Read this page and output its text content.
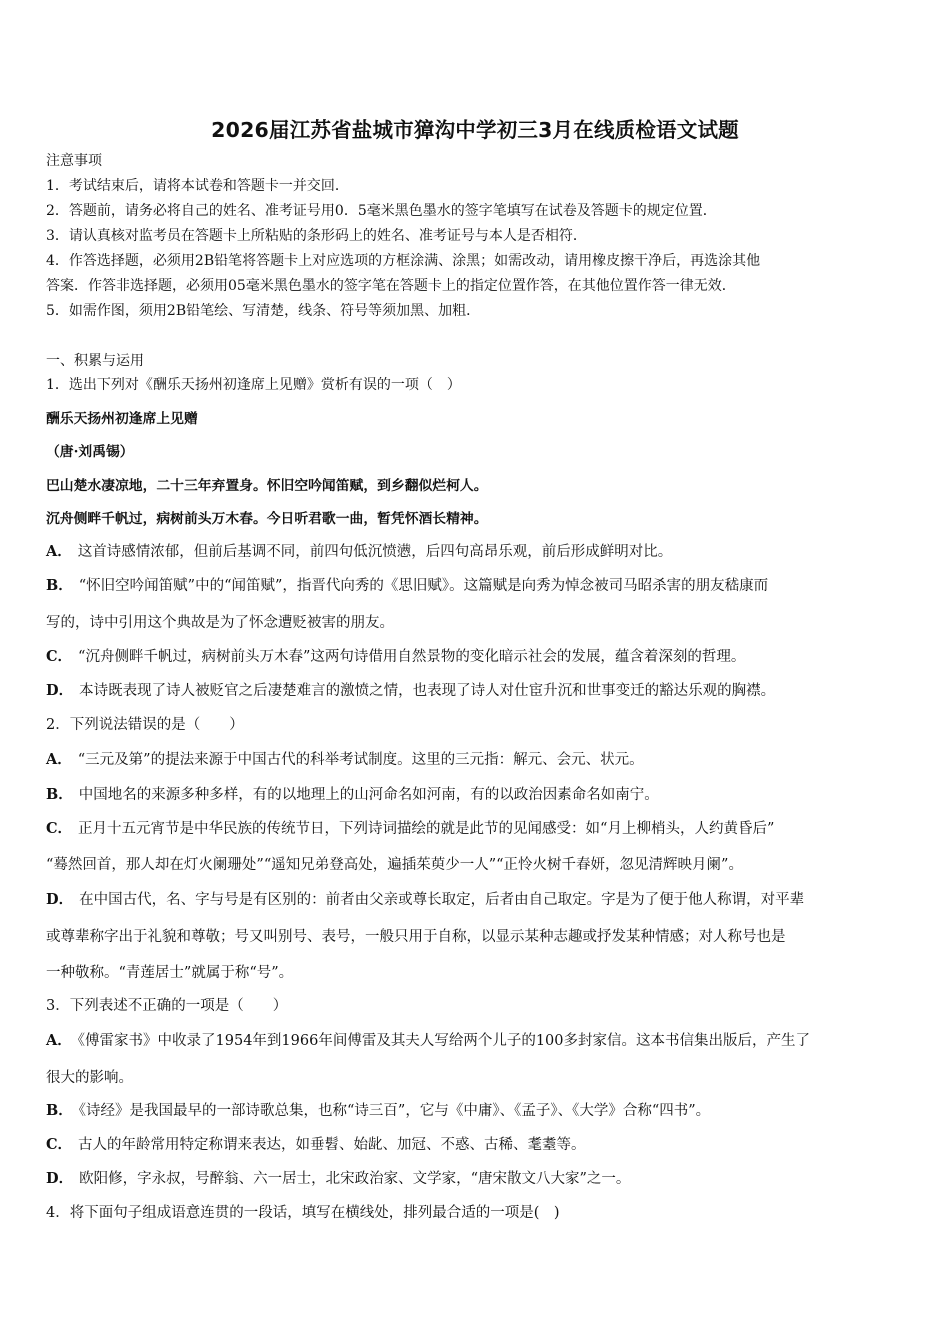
2026届江苏省盐城市獐沟中学初三3月在线质检语文试题
注意事项
1．考试结束后，请将本试卷和答题卡一并交回．
2．答题前，请务必将自己的姓名、准考证号用0．5毫米黑色墨水的签字笔填写在试卷及答题卡的规定位置．
3．请认真核对监考员在答题卡上所粘贴的条形码上的姓名、准考证号与本人是否相符．
4．作答选择题，必须用2B铅笔将答题卡上对应选项的方框涂满、涂黑；如需改动，请用橡皮擦干净后，再选涂其他
答案．作答非选择题，必须用05毫米黑色墨水的签字笔在答题卡上的指定位置作答，在其他位置作答一律无效．
5．如需作图，须用2B铅笔绘、写清楚，线条、符号等须加黑、加粗．
一、积累与运用
1．选出下列对《酬乐天扬州初逢席上见赠》赏析有误的一项（　）
酬乐天扬州初逢席上见赠
（唐·刘禹锡）
巴山楚水凄凉地，二十三年弃置身。怀旧空吟闻笛赋，到乡翻似烂柯人。
沉舟侧畔千帆过，病树前头万木春。今日听君歌一曲，暂凭怀酒长精神。
A． 这首诗感情浓郁，但前后基调不同，前四句低沉愤懑，后四句高昂乐观，前后形成鲜明对比。
B． “怀旧空吟闻笛赋”中的“闻笛赋”，指晋代向秀的《思旧赋》。这篇赋是向秀为悼念被司马昭杀害的朋友嵇康而
写的，诗中引用这个典故是为了怀念遭贬被害的朋友。
C． “沉舟侧畔千帆过，病树前头万木春”这两句诗借用自然景物的变化暗示社会的发展，蕴含着深刻的哲理。
D． 本诗既表现了诗人被贬官之后凄楚难言的激愤之情，也表现了诗人对仕宦升沉和世事变迁的豁达乐观的胸襟。
2．下列说法错误的是（　　）
A． “三元及第”的提法来源于中国古代的科举考试制度。这里的三元指：解元、会元、状元。
B． 中国地名的来源多种多样，有的以地理上的山河命名如河南，有的以政治因素命名如南宁。
C． 正月十五元宵节是中华民族的传统节日，下列诗词描绘的就是此节的见闻感受：如“月上柳梢头，人约黄昏后”
“蓦然回首，那人却在灯火阑珊处”“遥知兄弟登高处，遍插茱萸少一人”“正怜火树千春妍，忽见清辉映月阑”。
D． 在中国古代，名、字与号是有区别的：前者由父亲或尊长取定，后者由自己取定。字是为了便于他人称谓，对平辈
或尊辈称字出于礼貌和尊敬；号又叫别号、表号，一般只用于自称，以显示某种志趣或抒发某种情感；对人称号也是
一种敬称。“青莲居士”就属于称“号”。
3．下列表述不正确的一项是（　　）
A． 《傅雷家书》中收录了1954年到1966年间傅雷及其夫人写给两个儿子的100多封家信。这本书信集出版后，产生了
很大的影响。
B． 《诗经》是我国最早的一部诗歌总集，也称“诗三百”，它与《中庸》、《孟子》、《大学》合称“四书”。
C． 古人的年龄常用特定称谓来表达，如垂髫、始龀、加冠、不惑、古稀、耄耋等。
D． 欧阳修，字永叔，号醉翁、六一居士，北宋政治家、文学家，“唐宋散文八大家”之一。
4．将下面句子组成语意连贯的一段话，填写在横线处，排列最合适的一项是(　)
